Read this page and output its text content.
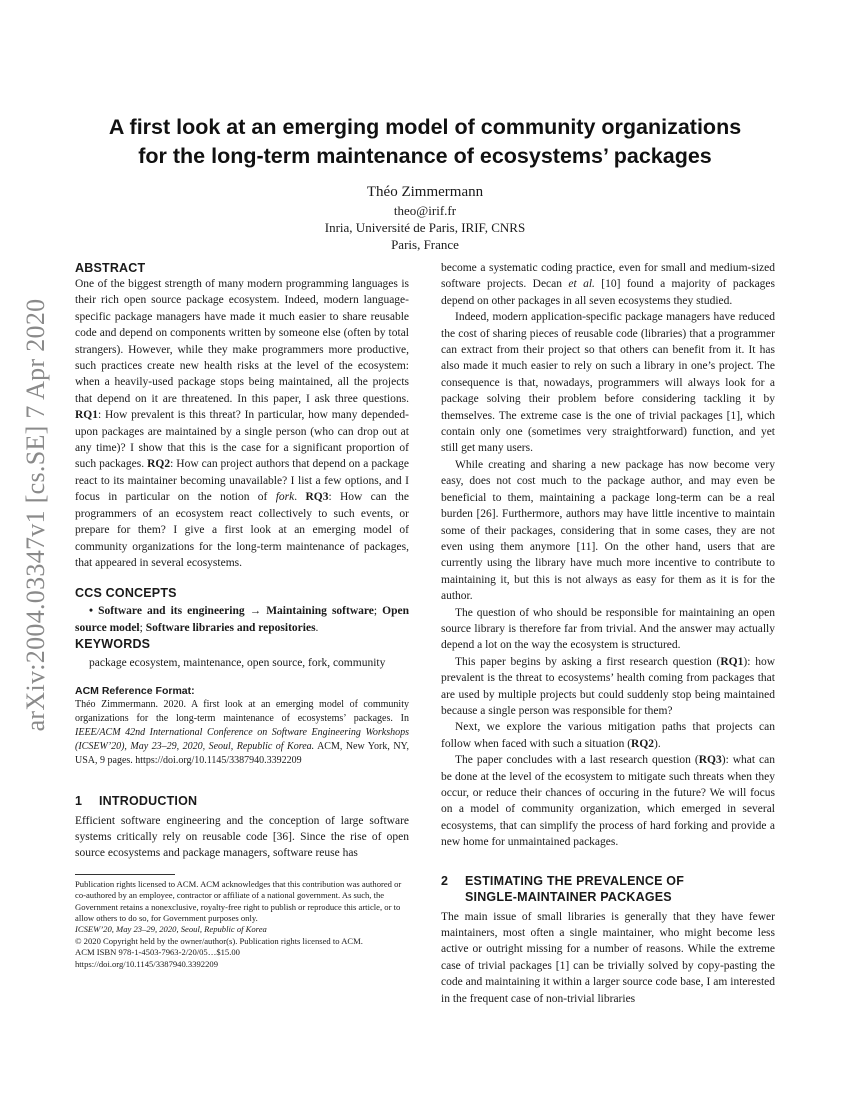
A first look at an emerging model of community organizations
for the long-term maintenance of ecosystems’ packages
Théo Zimmermann
theo@irif.fr
Inria, Université de Paris, IRIF, CNRS
Paris, France
arXiv:2004.03347v1 [cs.SE] 7 Apr 2020
ABSTRACT

One of the biggest strength of many modern programming languages is their rich open source package ecosystem. Indeed, modern language-specific package managers have made it much easier to share reusable code and depend on components written by someone else (often by total strangers). However, while they make programmers more productive, such practices create new health risks at the level of the ecosystem: when a heavily-used package stops being maintained, all the projects that depend on it are threatened. In this paper, I ask three questions. RQ1: How prevalent is this threat? In particular, how many depended-upon packages are maintained by a single person (who can drop out at any time)? I show that this is the case for a significant proportion of such packages. RQ2: How can project authors that depend on a package react to its maintainer becoming unavailable? I list a few options, and I focus in particular on the notion of fork. RQ3: How can the programmers of an ecosystem react collectively to such events, or prepare for them? I give a first look at an emerging model of community organizations for the long-term maintenance of packages, that appeared in several ecosystems.

CCS CONCEPTS

• Software and its engineering → Maintaining software; Open source model; Software libraries and repositories.

KEYWORDS

package ecosystem, maintenance, open source, fork, community

ACM Reference Format:

Théo Zimmermann. 2020. A first look at an emerging model of community organizations for the long-term maintenance of ecosystems’ packages. In IEEE/ACM 42nd International Conference on Software Engineering Workshops (ICSEW’20), May 23–29, 2020, Seoul, Republic of Korea. ACM, New York, NY, USA, 9 pages. https://doi.org/10.1145/3387940.3392209

1 INTRODUCTION

Efficient software engineering and the conception of large software systems critically rely on reusable code [36]. Since the rise of open source ecosystems and package managers, software reuse has

Publication rights licensed to ACM. ACM acknowledges that this contribution was authored or co-authored by an employee, contractor or affiliate of a national government. As such, the Government retains a nonexclusive, royalty-free right to publish or reproduce this article, or to allow others to do so, for Government purposes only.
ICSEW’20, May 23–29, 2020, Seoul, Republic of Korea
© 2020 Copyright held by the owner/author(s). Publication rights licensed to ACM.
ACM ISBN 978-1-4503-7963-2/20/05…$15.00
https://doi.org/10.1145/3387940.3392209

become a systematic coding practice, even for small and medium-sized software projects. Decan et al. [10] found a majority of packages depend on other packages in all seven ecosystems they studied.

Indeed, modern application-specific package managers have reduced the cost of sharing pieces of reusable code (libraries) that a programmer can extract from their project so that others can benefit from it. It has also made it much easier to rely on such a library in one’s project. The consequence is that, nowadays, programmers will always look for a package solving their problem before considering tackling it by themselves. The extreme case is the one of trivial packages [1], which contain only one (sometimes very straightforward) function, and yet still get many users.

While creating and sharing a new package has now become very easy, does not cost much to the package author, and may even be beneficial to them, maintaining a package long-term can be a real burden [26]. Furthermore, authors may have little incentive to maintain some of their packages, considering that in some cases, they are not even using them anymore [11]. On the other hand, users that are currently using the library have much more incentive to contribute to maintaining it, but this is not always as easy for them as it is for the author.

The question of who should be responsible for maintaining an open source library is therefore far from trivial. And the answer may actually depend a lot on the way the ecosystem is structured.

This paper begins by asking a first research question (RQ1): how prevalent is the threat to ecosystems’ health coming from packages that are used by multiple projects but could suddenly stop being maintained because a single person was responsible for them?

Next, we explore the various mitigation paths that projects can follow when faced with such a situation (RQ2).

The paper concludes with a last research question (RQ3): what can be done at the level of the ecosystem to mitigate such threats when they occur, or reduce their chances of occuring in the future? We will focus on a model of community organization, which emerged in several ecosystems, that can simplify the process of hard forking and provide a new home for unmaintained packages.

2 ESTIMATING THE PREVALENCE OF
SINGLE-MAINTAINER PACKAGES

The main issue of small libraries is generally that they have fewer maintainers, most often a single maintainer, who might become less active or outright missing for a number of reasons. While the extreme case of trivial packages [1] can be trivially solved by copy-pasting the code and maintaining it within a larger source code base, I am interested in the frequent case of non-trivial libraries
